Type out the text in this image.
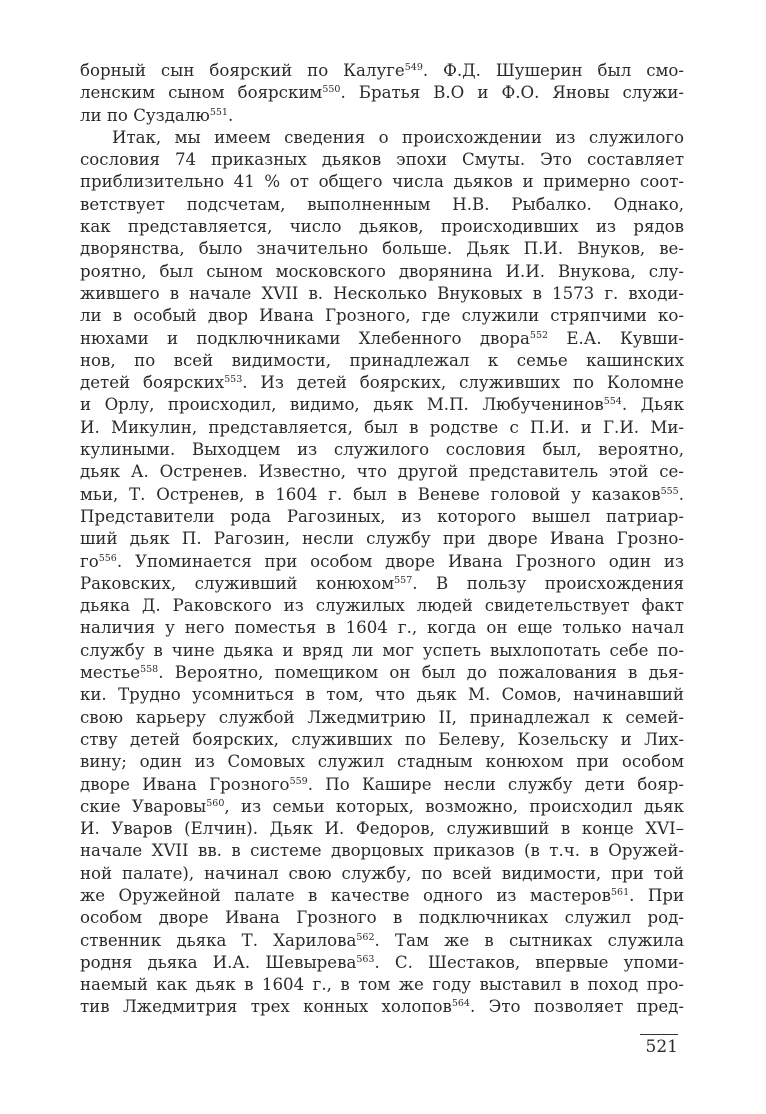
борный сын боярский по Калуге$^{549}$. Ф.Д. Шушерин был смо-
ленским сыном боярским$^{550}$. Братья В.О и Ф.О. Яновы служи-
ли по Суздалю$^{551}$.
Итак, мы имеем сведения о происхождении из служилого
сословия 74 приказных дьяков эпохи Смуты. Это составляет
приблизительно 41 % от общего числа дьяков и примерно соот-
ветствует подсчетам, выполненным Н.В. Рыбалко. Однако,
как представляется, число дьяков, происходивших из рядов
дворянства, было значительно больше. Дьяк П.И. Внуков, ве-
роятно, был сыном московского дворянина И.И. Внукова, слу-
жившего в начале XVII в. Несколько Внуковых в 1573 г. входи-
ли в особый двор Ивана Грозного, где служили стряпчими ко-
нюхами и подключниками Хлебенного двора$^{552}$ Е.А. Кувши-
нов, по всей видимости, принадлежал к семье кашинских
детей боярских$^{553}$. Из детей боярских, служивших по Коломне
и Орлу, происходил, видимо, дьяк М.П. Любученинов$^{554}$. Дьяк
И. Микулин, представляется, был в родстве с П.И. и Г.И. Ми-
кулиными. Выходцем из служилого сословия был, вероятно,
дьяк А. Остренев. Известно, что другой представитель этой се-
мьи, Т. Остренев, в 1604 г. был в Веневе головой у казаков$^{555}$.
Представители рода Рагозиных, из которого вышел патриар-
ший дьяк П. Рагозин, несли службу при дворе Ивана Грозно-
$го^{556}$. Упоминается при особом дворе Ивана Грозного один из
Раковских, служивший конюхом$^{557}$. В пользу происхождения
дьяка Д. Раковского из служилых людей свидетельствует факт
наличия у него поместья в 1604 г., когда он еще только начал
службу в чине дьяка и вряд ли мог успеть выхлопотать себе по-
местье$^{558}$. Вероятно, помещиком он был до пожалования в дья-
ки. Трудно усомниться в том, что дьяк М. Сомов, начинавший
свою карьеру службой Лжедмитрию II, принадлежал к семей-
ству детей боярских, служивших по Белеву, Козельску и Лих-
вину; один из Сомовых служил стадным конюхом при особом
дворе Ивана Грозного$^{559}$. По Кашире несли службу дети бояр-
ские Уваровы$^{560}$, из семьи которых, возможно, происходил дьяк
И. Уваров (Елчин). Дьяк И. Федоров, служивший в конце XVI–
начале XVII вв. в системе дворцовых приказов (в т.ч. в Оружей-
ной палате), начинал свою службу, по всей видимости, при той
же Оружейной палате в качестве одного из мастеров$^{561}$. При
особом дворе Ивана Грозного в подключниках служил род-
ственник дьяка Т. Харилова$^{562}$. Там же в сытниках служила
родня дьяка И.А. Шевырева$^{563}$. С. Шестаков, впервые упоми-
наемый как дьяк в 1604 г., в том же году выставил в поход про-
тив Лжедмитрия трех конных холопов$^{564}$. Это позволяет пред-
521
